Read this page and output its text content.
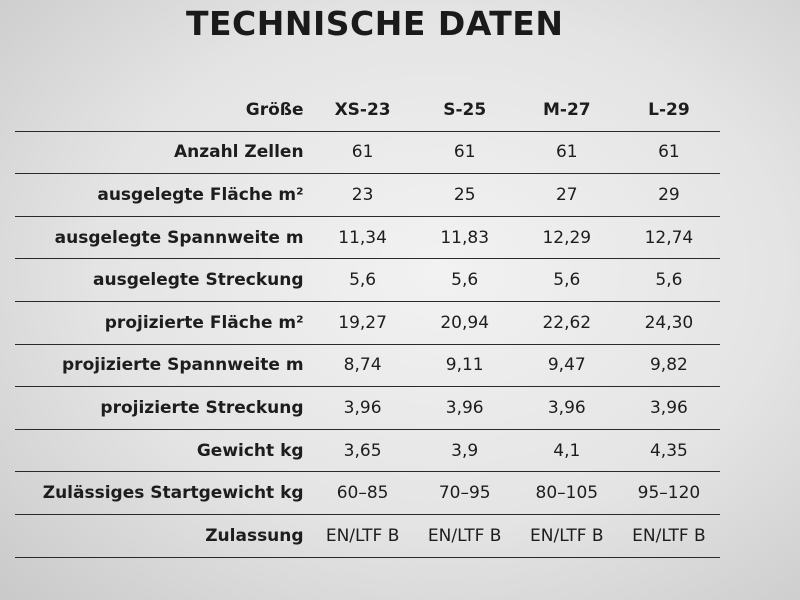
TECHNISCHE DATEN
	Größe	XS-23	S-25	M-27	L-29
	Anzahl Zellen	61	61	61	61
	ausgelegte Fläche m²	23	25	27	29
	ausgelegte Spannweite m	11,34	11,83	12,29	12,74
	ausgelegte Streckung	5,6	5,6	5,6	5,6
	projizierte Fläche m²	19,27	20,94	22,62	24,30
	projizierte Spannweite m	8,74	9,11	9,47	9,82
	projizierte Streckung	3,96	3,96	3,96	3,96
	Gewicht kg	3,65	3,9	4,1	4,35
	Zulässiges Startgewicht kg	60–85	70–95	80–105	95–120
	Zulassung	EN/LTF B	EN/LTF B	EN/LTF B	EN/LTF B
